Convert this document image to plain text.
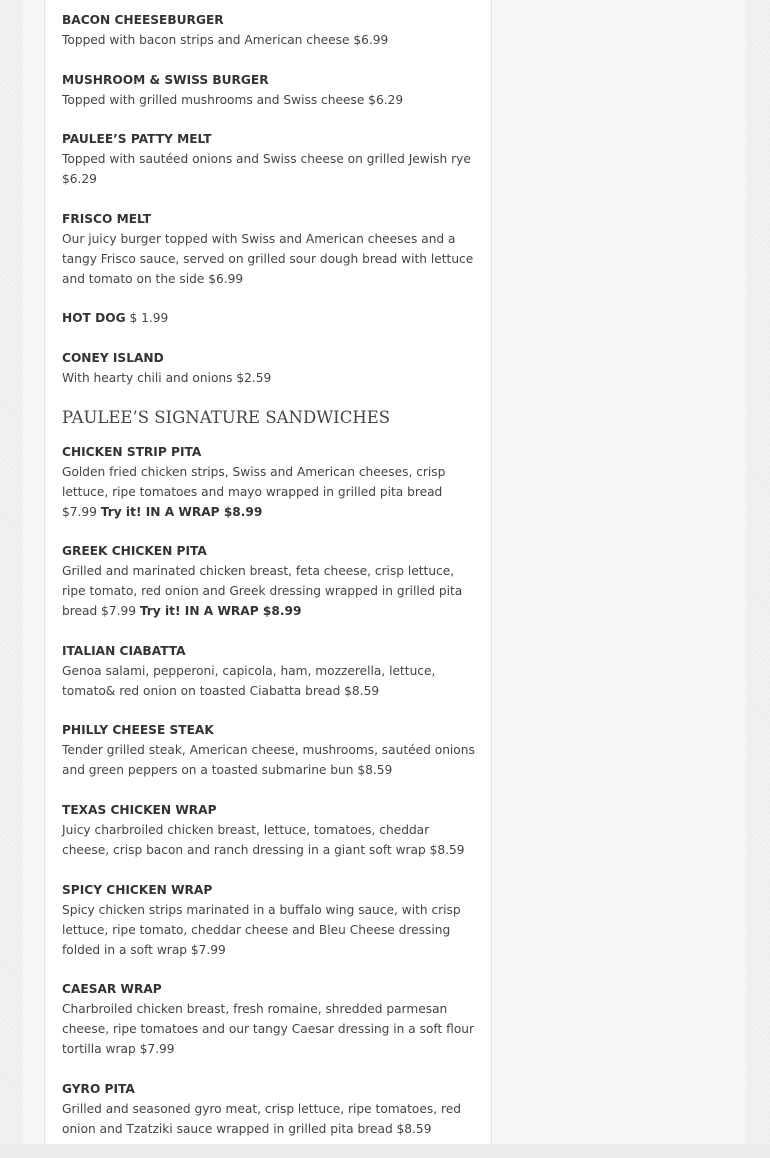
BACON CHEESEBURGER
Topped with bacon strips and American cheese $6.99
MUSHROOM & SWISS BURGER
Topped with grilled mushrooms and Swiss cheese $6.29
PAULEE’S PATTY MELT
Topped with sautéed onions and Swiss cheese on grilled Jewish rye $6.29
FRISCO MELT
Our juicy burger topped with Swiss and American cheeses and a tangy Frisco sauce, served on grilled sour dough bread with lettuce and tomato on the side $6.99
HOT DOG $ 1.99
CONEY ISLAND
With hearty chili and onions $2.59
PAULEE’S SIGNATURE SANDWICHES
CHICKEN STRIP PITA
Golden fried chicken strips, Swiss and American cheeses, crisp lettuce, ripe tomatoes and mayo wrapped in grilled pita bread $7.99 Try it! IN A WRAP $8.99
GREEK CHICKEN PITA
Grilled and marinated chicken breast, feta cheese, crisp lettuce, ripe tomato, red onion and Greek dressing wrapped in grilled pita bread $7.99 Try it! IN A WRAP $8.99
ITALIAN CIABATTA
Genoa salami, pepperoni, capicola, ham, mozzerella, lettuce, tomato& red onion on toasted Ciabatta bread $8.59
PHILLY CHEESE STEAK
Tender grilled steak, American cheese, mushrooms, sautéed onions and green peppers on a toasted submarine bun $8.59
TEXAS CHICKEN WRAP
Juicy charbroiled chicken breast, lettuce, tomatoes, cheddar cheese, crisp bacon and ranch dressing in a giant soft wrap $8.59
SPICY CHICKEN WRAP
Spicy chicken strips marinated in a buffalo wing sauce, with crisp lettuce, ripe tomato, cheddar cheese and Bleu Cheese dressing folded in a soft wrap $7.99
CAESAR WRAP
Charbroiled chicken breast, fresh romaine, shredded parmesan cheese, ripe tomatoes and our tangy Caesar dressing in a soft flour tortilla wrap $7.99
GYRO PITA
Grilled and seasoned gyro meat, crisp lettuce, ripe tomatoes, red onion and Tzatziki sauce wrapped in grilled pita bread $8.59
